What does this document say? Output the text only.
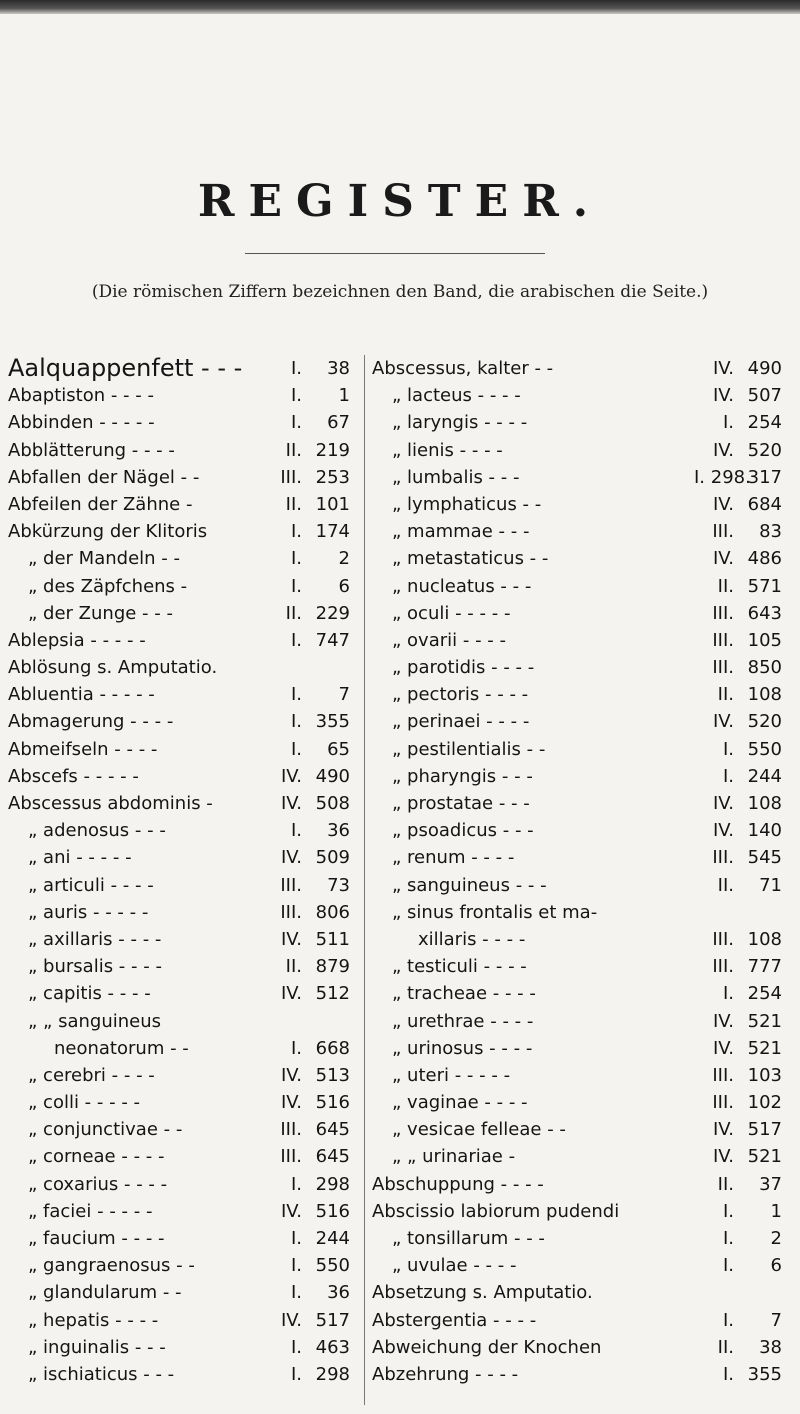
REGISTER.
(Die römischen Ziffern bezeichnen den Band, die arabischen die Seite.)
Aalquappenfett - - -	I. 38
Abaptiston - - - -	I. 1
Abbinden - - - - -	I. 67
Abblätterung - - - -	II. 219
Abfallen der Nägel - -	III. 253
Abfeilen der Zähne -	II. 101
Abkürzung der Klitoris	I. 174
„ der Mandeln - -	I. 2
„ des Zäpfchens -	I. 6
„ der Zunge - - -	II. 229
Ablepsia - - - - -	I. 747
Ablösung s. Amputatio.
Abluentia - - - - -	I. 7
Abmagerung - - - -	I. 355
Abmeifseln - - - -	I. 65
Abscefs - - - - -	IV. 490
Abscessus abdominis -	IV. 508
„ adenosus - - -	I. 36
„ ani - - - - -	IV. 509
„ articuli - - - -	III. 73
„ auris - - - - -	III. 806
„ axillaris - - - -	IV. 511
„ bursalis - - - -	II. 879
„ capitis - - - -	IV. 512
„ „ sanguineus
neonatorum - -	I. 668
„ cerebri - - - -	IV. 513
„ colli - - - - -	IV. 516
„ conjunctivae - -	III. 645
„ corneae - - - -	III. 645
„ coxarius - - - -	I. 298
„ faciei - - - - -	IV. 516
„ faucium - - - -	I. 244
„ gangraenosus - -	I. 550
„ glandularum - -	I. 36
„ hepatis - - - -	IV. 517
„ inguinalis - - -	I. 463
„ ischiaticus - - -	I. 298
Abscessus, kalter - -	IV. 490
„ lacteus - - - -	IV. 507
„ laryngis - - - -	I. 254
„ lienis - - - -	IV. 520
„ lumbalis - - -	I. 298.317
„ lymphaticus - -	IV. 684
„ mammae - - -	III. 83
„ metastaticus - -	IV. 486
„ nucleatus - - -	II. 571
„ oculi - - - - -	III. 643
„ ovarii - - - -	III. 105
„ parotidis - - - -	III. 850
„ pectoris - - - -	II. 108
„ perinaei - - - -	IV. 520
„ pestilentialis - -	I. 550
„ pharyngis - - -	I. 244
„ prostatae - - -	IV. 108
„ psoadicus - - -	IV. 140
„ renum - - - -	III. 545
„ sanguineus - - -	II. 71
„ sinus frontalis et ma-
xillaris - - - -	III. 108
„ testiculi - - - -	III. 777
„ tracheae - - - -	I. 254
„ urethrae - - - -	IV. 521
„ urinosus - - - -	IV. 521
„ uteri - - - - -	III. 103
„ vaginae - - - -	III. 102
„ vesicae felleae - -	IV. 517
„ „ urinariae -	IV. 521
Abschuppung - - - -	II. 37
Abscissio labiorum pudendi	I. 1
„ tonsillarum - - -	I. 2
„ uvulae - - - -	I. 6
Absetzung s. Amputatio.
Abstergentia - - - -	I. 7
Abweichung der Knochen	II. 38
Abzehrung - - - -	I. 355
